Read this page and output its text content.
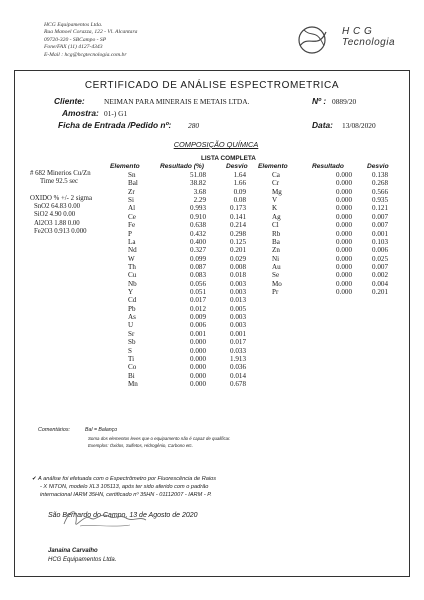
HCG Equipamentos Ltda.
Rua Manoel Corazza, 122 - Vl. Alcantara
09720-320 - SBCampo - SP
Fone/FAX (11) 4127-4343
E-Mail : hcg@hcgtecnologia.com.br
H C G
Tecnologia
CERTIFICADO DE ANÁLISE ESPECTROMETRICA
Cliente:	NEIMAN PARA MINERAIS E METAIS LTDA.	Nº : 0889/20
Amostra: 01-) G1
Ficha de Entrada /Pedido nº: 280	Data: 13/08/2020
COMPOSIÇÃO QUÍMICA
LISTA COMPLETA
Elemento	Resultado (%)	Desvio Elemento	Resultado	Desvio
# 682 Minerios Cu/Zn
Time 92.5 sec

OXIDO % +/- 2 sigma
SnO2 64.83 0.00
SiO2 4.90 0.00
Al2O3 1.88 0.00
Fe2O3 0.913 0.000
Sn	51.08	1.64
Bal	38.82	1.66
Zr	3.68	0.09
Si	2.29	0.08
Al	0.993	0.173
Ce	0.910	0.141
Fe	0.638	0.214
P	0.432	0.298
La	0.400	0.125
Nd	0.327	0.201
W	0.099	0.029
Th	0.087	0.008
Cu	0.083	0.018
Nb	0.056	0.003
Y	0.051	0.003
Cd	0.017	0.013
Pb	0.012	0.005
As	0.009	0.003
U	0.006	0.003
Sr	0.001	0.001
Sb	0.000	0.017
S	0.000	0.033
Ti	0.000	1.913
Co	0.000	0.036
Bi	0.000	0.014
Mn	0.000	0.678
Ca	0.000	0.138
Cr	0.000	0.268
Mg	0.000	0.566
V	0.000	0.935
K	0.000	0.121
Ag	0.000	0.007
Cl	0.000	0.007
Rb	0.000	0.001
Ba	0.000	0.103
Zn	0.000	0.006
Ni	0.000	0.025
Au	0.000	0.007
Se	0.000	0.002
Mo	0.000	0.004
Pr	0.000	0.201
Comentários:	Bal = Balanço
Soma dos elementos leves que o equipamento não é capaz de qualificar.
Exemplos: Óxidos, Sulfetos, Hidrogênio, Carbono etc.
✔ A análise foi efetuada com o Espectrômetro por Fluorescência de Raios
- X NITON, modelo XL3 105113, após ter sido aferido com o padrão
internacional IARM 35HN, certificado nº 35HN - 01112007 - IARM - P.
São Bernardo do Campo, 13 de Agosto de 2020
Janaina Carvalho
HCG Equipamentos Ltda.
